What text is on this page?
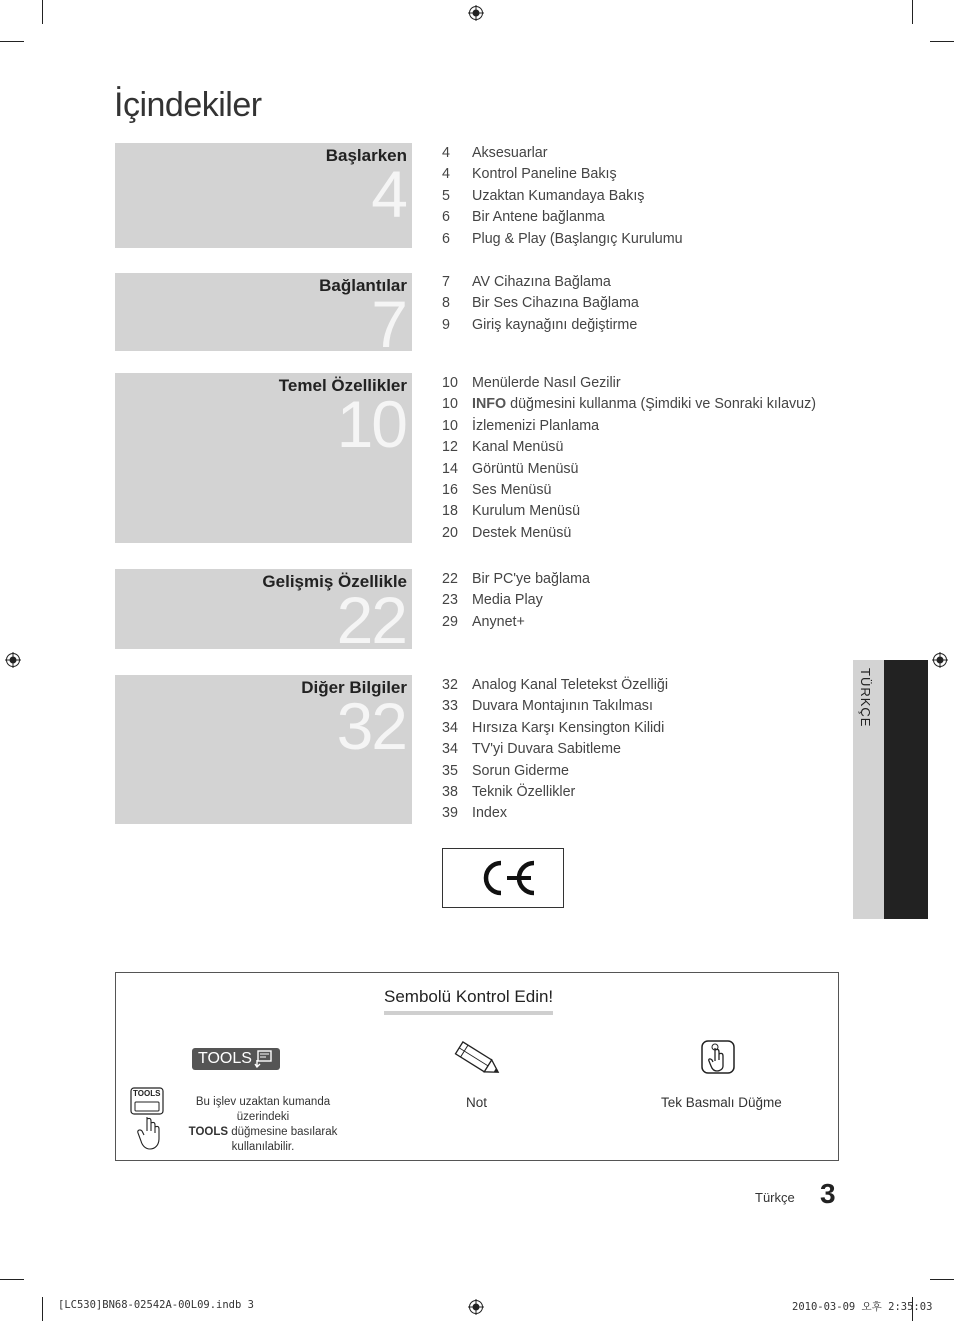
İçindekiler
Başlarken
4
4 Aksesuarlar
4 Kontrol Paneline Bakış
5 Uzaktan Kumandaya Bakış
6 Bir Antene bağlanma
6 Plug & Play (Başlangıç Kurulumu
Bağlantılar
7
7 AV Cihazına Bağlama
8 Bir Ses Cihazına Bağlama
9 Giriş kaynağını değiştirme
Temel Özellikler
10
10 Menülerde Nasıl Gezilir
10 INFO düğmesini kullanma (Şimdiki ve Sonraki kılavuz)
10 İzlemenizi Planlama
12 Kanal Menüsü
14 Görüntü Menüsü
16 Ses Menüsü
18 Kurulum Menüsü
20 Destek Menüsü
Gelişmiş Özellikle
22
22 Bir PC'ye bağlama
23 Media Play
29 Anynet+
Diğer Bilgiler
32
32 Analog Kanal Teletekst Özelliği
33 Duvara Montajının Takılması
34 Hırsıza Karşı Kensington Kilidi
34 TV'yi Duvara Sabitleme
35 Sorun Giderme
38 Teknik Özellikler
39 Index
TÜRKÇE
Sembolü Kontrol Edin!
TOOLS
TOOLS
Bu işlev uzaktan kumanda üzerindeki
TOOLS düğmesine basılarak kullanılabilir.
Not	Tek Basmalı Düğme
Türkçe 3
[LC530]BN68-02542A-00L09.indb 3	2010-03-09 오후 2:35:03
